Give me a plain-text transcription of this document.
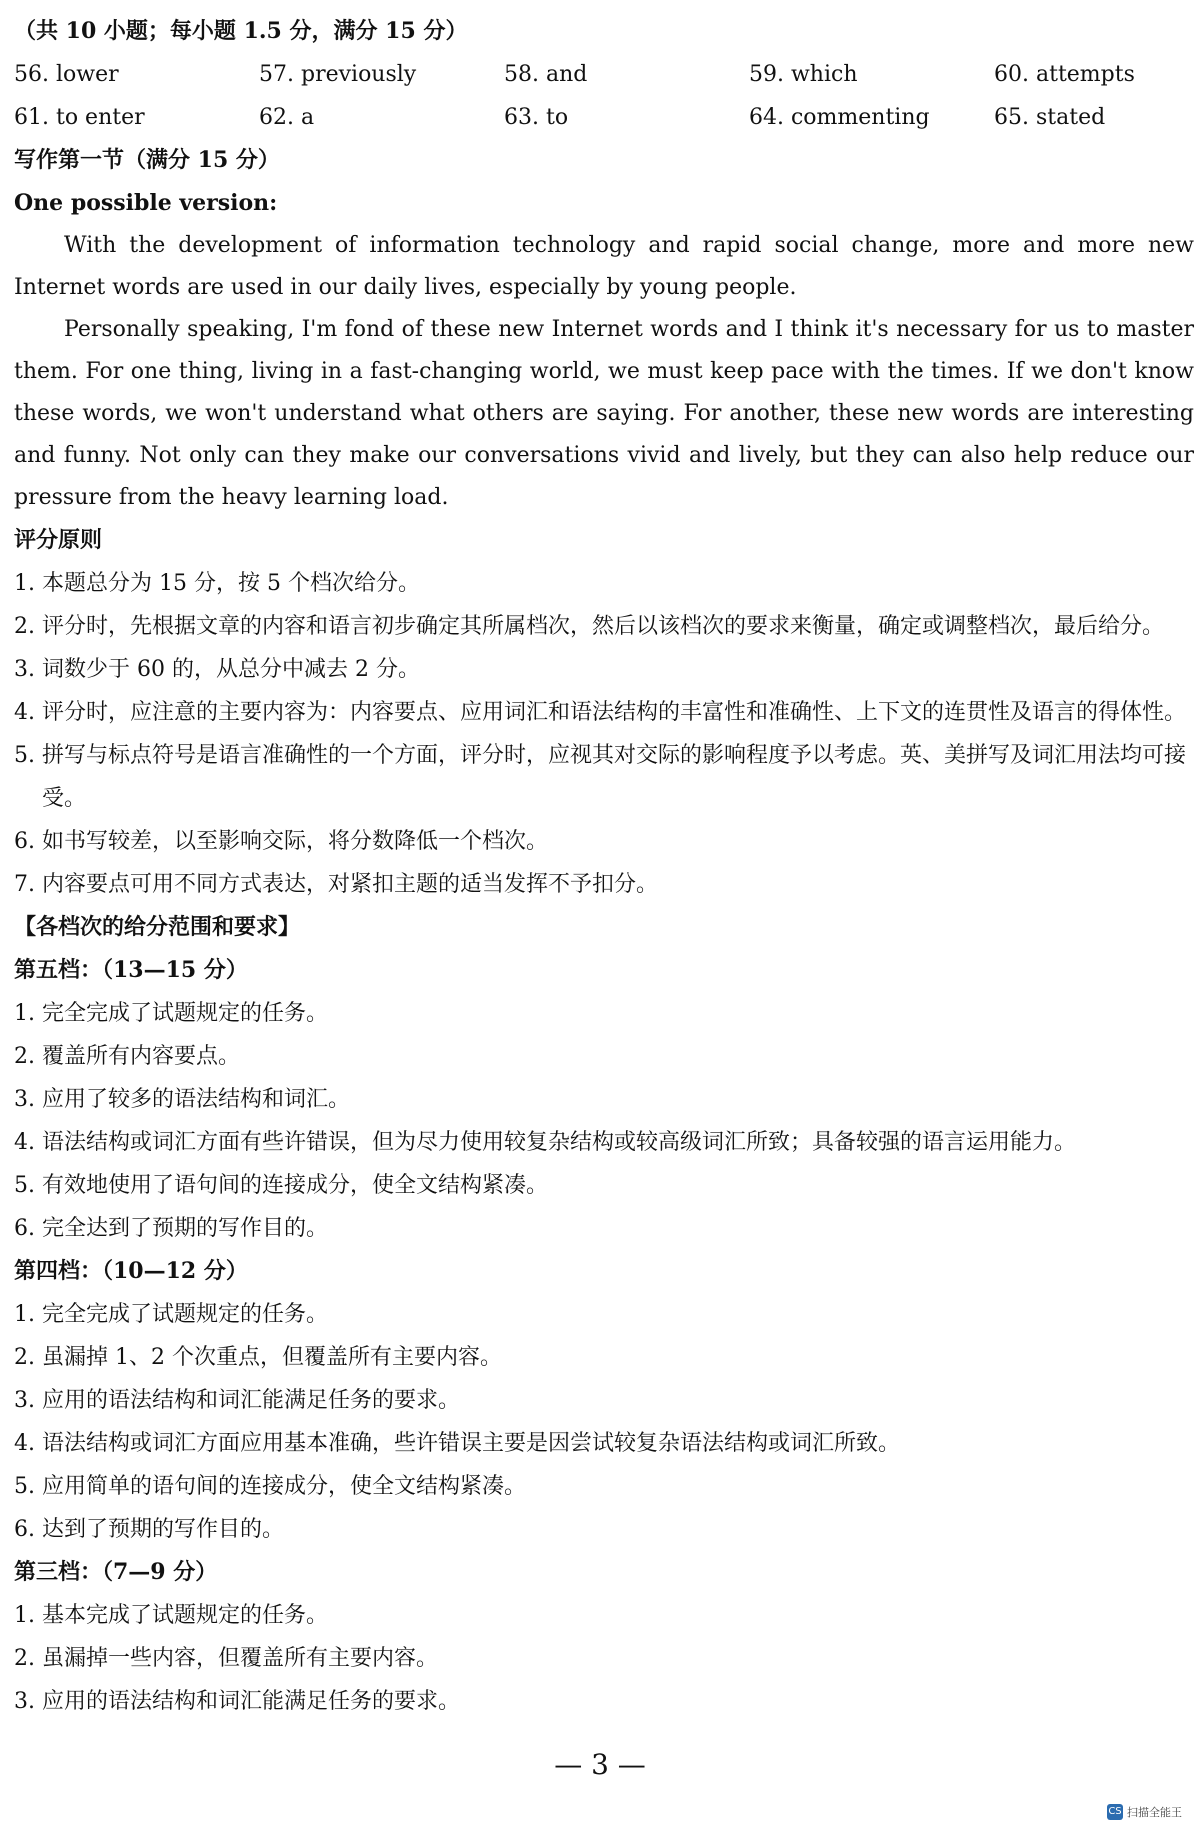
（共 10 小题；每小题 1.5 分，满分 15 分）
56. lower	57. previously	58. and	59. which	60. attempts
61. to enter	62. a	63. to	64. commenting	65. stated
写作第一节（满分 15 分）
One possible version:

With the development of information technology and rapid social change, more and more new Internet words are used in our daily lives, especially by young people.

Personally speaking, I'm fond of these new Internet words and I think it's necessary for us to master them. For one thing, living in a fast-changing world, we must keep pace with the times. If we don't know these words, we won't understand what others are saying. For another, these new words are interesting and funny. Not only can they make our conversations vivid and lively, but they can also help reduce our pressure from the heavy learning load.

评分原则

1. 本题总分为 15 分，按 5 个档次给分。

2. 评分时，先根据文章的内容和语言初步确定其所属档次，然后以该档次的要求来衡量，确定或调整档次，最后给分。

3. 词数少于 60 的，从总分中减去 2 分。

4. 评分时，应注意的主要内容为：内容要点、应用词汇和语法结构的丰富性和准确性、上下文的连贯性及语言的得体性。

5. 拼写与标点符号是语言准确性的一个方面，评分时，应视其对交际的影响程度予以考虑。英、美拼写及词汇用法均可接受。

6. 如书写较差，以至影响交际，将分数降低一个档次。

7. 内容要点可用不同方式表达，对紧扣主题的适当发挥不予扣分。

【各档次的给分范围和要求】
第五档：（13—15 分）

1. 完全完成了试题规定的任务。

2. 覆盖所有内容要点。

3. 应用了较多的语法结构和词汇。

4. 语法结构或词汇方面有些许错误，但为尽力使用较复杂结构或较高级词汇所致；具备较强的语言运用能力。

5. 有效地使用了语句间的连接成分，使全文结构紧凑。

6. 完全达到了预期的写作目的。

第四档：（10—12 分）

1. 完全完成了试题规定的任务。

2. 虽漏掉 1、2 个次重点，但覆盖所有主要内容。

3. 应用的语法结构和词汇能满足任务的要求。

4. 语法结构或词汇方面应用基本准确，些许错误主要是因尝试较复杂语法结构或词汇所致。

5. 应用简单的语句间的连接成分，使全文结构紧凑。

6. 达到了预期的写作目的。

第三档：（7—9 分）

1. 基本完成了试题规定的任务。

2. 虽漏掉一些内容，但覆盖所有主要内容。

3. 应用的语法结构和词汇能满足任务的要求。

— 3 —
CS 扫描全能王
